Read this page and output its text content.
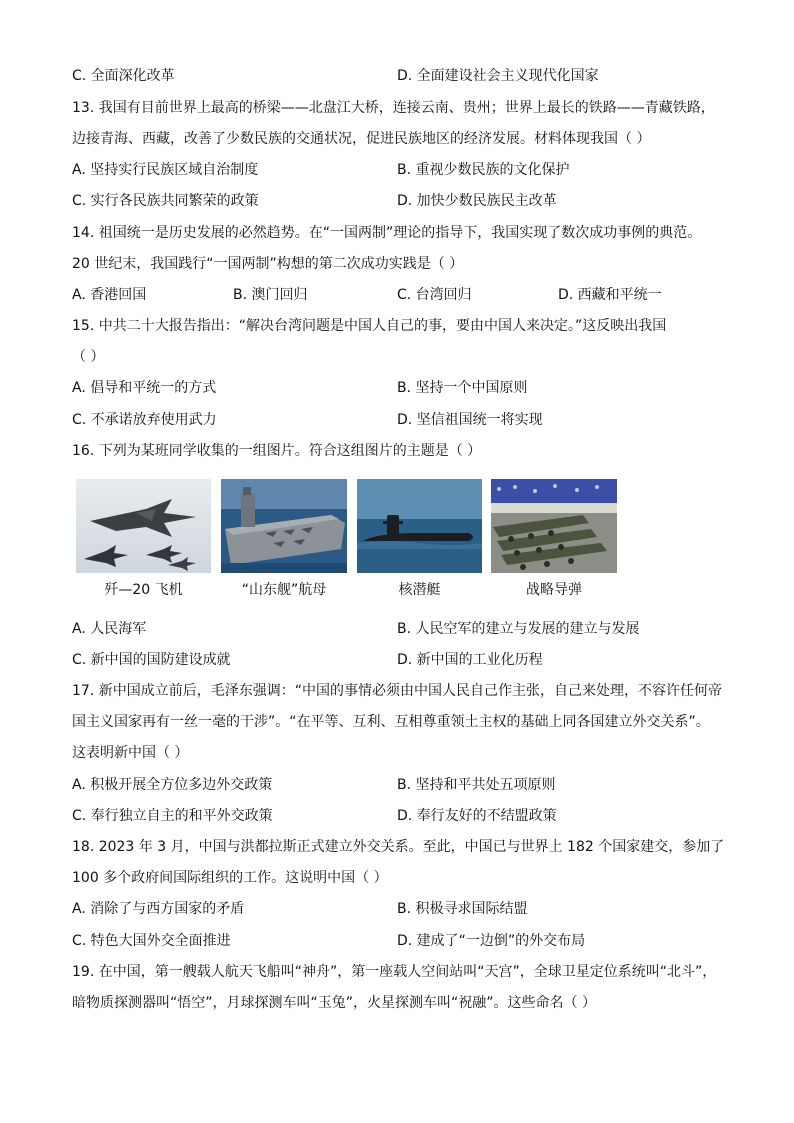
C. 全面深化改革	D. 全面建设社会主义现代化国家
13. 我国有目前世界上最高的桥梁——北盘江大桥，连接云南、贵州；世界上最长的铁路——青藏铁路，
边接青海、西藏，改善了少数民族的交通状况，促进民族地区的经济发展。材料体现我国（ ）
A. 坚持实行民族区域自治制度	B. 重视少数民族的文化保护
C. 实行各民族共同繁荣的政策	D. 加快少数民族民主改革
14. 祖国统一是历史发展的必然趋势。在“一国两制”理论的指导下，我国实现了数次成功事例的典范。
20 世纪末，我国践行“一国两制”构想的第二次成功实践是（ ）
A. 香港回国	B. 澳门回归	C. 台湾回归	D. 西藏和平统一
15. 中共二十大报告指出：“解决台湾问题是中国人自己的事，要由中国人来决定。”这反映出我国
（ ）
A. 倡导和平统一的方式	B. 坚持一个中国原则
C. 不承诺放弃使用武力	D. 坚信祖国统一将实现
16. 下列为某班同学收集的一组图片。符合这组图片的主题是（ ）
歼—20 飞机	“山东舰”航母	核潜艇	战略导弹
A. 人民海军	B. 人民空军的建立与发展的建立与发展
C. 新中国的国防建设成就	D. 新中国的工业化历程
17. 新中国成立前后，毛泽东强调：“中国的事情必须由中国人民自己作主张，自己来处理，不容许任何帝
国主义国家再有一丝一毫的干涉”。“在平等、互利、互相尊重领土主权的基础上同各国建立外交关系”。
这表明新中国（ ）
A. 积极开展全方位多边外交政策	B. 坚持和平共处五项原则
C. 奉行独立自主的和平外交政策	D. 奉行友好的不结盟政策
18. 2023 年 3 月，中国与洪都拉斯正式建立外交关系。至此，中国已与世界上 182 个国家建交，参加了
100 多个政府间国际组织的工作。这说明中国（ ）
A. 消除了与西方国家的矛盾	B. 积极寻求国际结盟
C. 特色大国外交全面推进	D. 建成了“一边倒”的外交布局
19. 在中国，第一艘载人航天飞船叫“神舟”，第一座载人空间站叫“天宫”，全球卫星定位系统叫“北斗”，
暗物质探测器叫“悟空”，月球探测车叫“玉兔”，火星探测车叫“祝融”。这些命名（ ）
